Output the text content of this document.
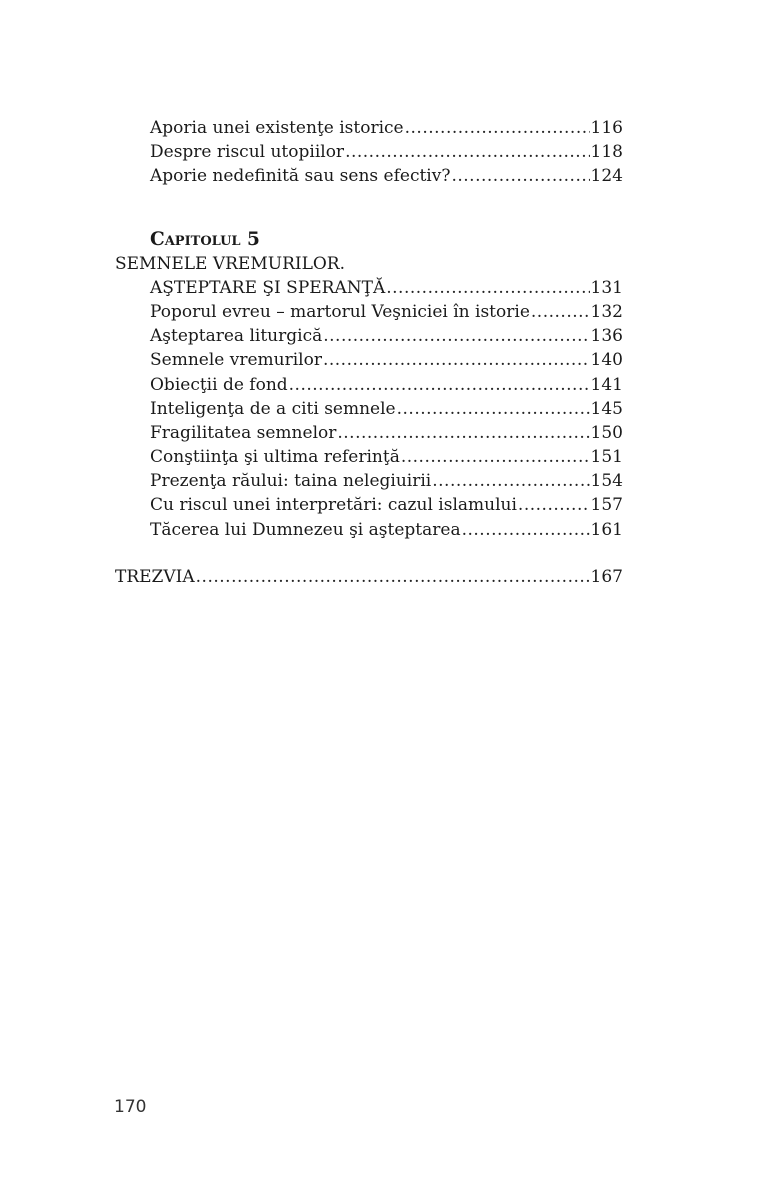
Aporia unei existenţe istorice .....	116
Despre riscul utopiilor .....	118
Aporie nedefinită sau sens efectiv? .....	124
Capitolul 5
SEMNELE VREMURILOR.
AŞTEPTARE ŞI SPERANŢĂ .....	131
Poporul evreu – martorul Veşniciei în istorie .....	132
Aşteptarea liturgică .....	136
Semnele vremurilor .....	140
Obiecţii de fond .....	141
Inteligenţa de a citi semnele .....	145
Fragilitatea semnelor .....	150
Conştiinţa şi ultima referinţă .....	151
Prezenţa răului: taina nelegiuirii .....	154
Cu riscul unei interpretări: cazul islamului .....	157
Tăcerea lui Dumnezeu şi aşteptarea .....	161
TREZVIA .....	167
170
